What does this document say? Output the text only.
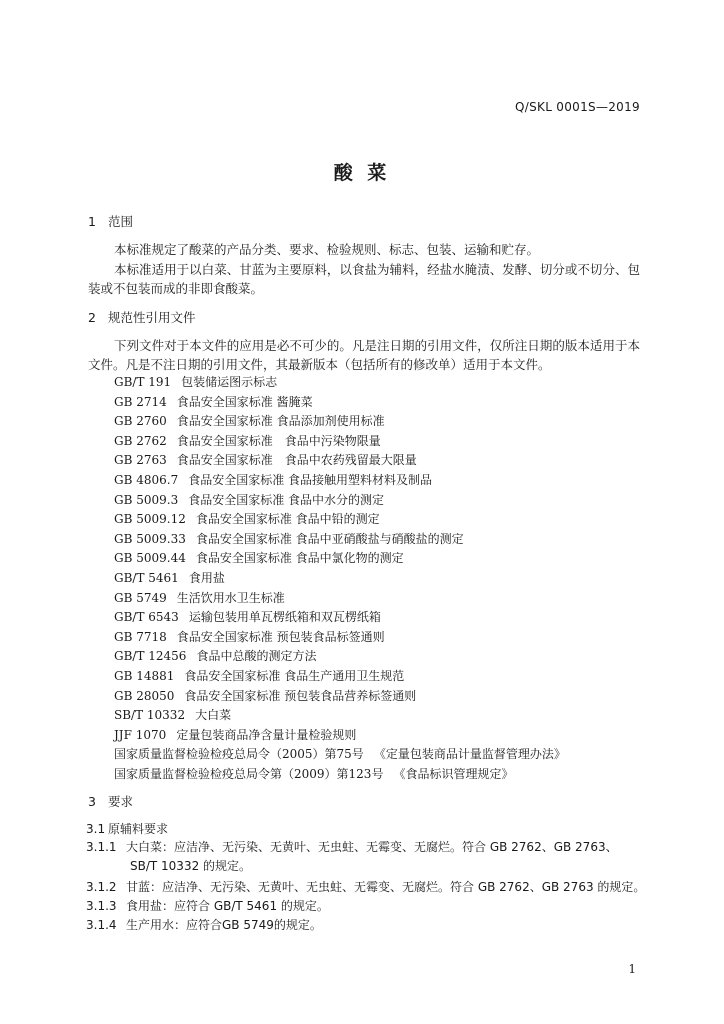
Q/SKL 0001S—2019
酸 菜
1 范围
本标准规定了酸菜的产品分类、要求、检验规则、标志、包装、运输和贮存。
本标准适用于以白菜、甘蓝为主要原料，以食盐为辅料，经盐水腌渍、发酵、切分或不切分、包装或不包装而成的非即食酸菜。
2 规范性引用文件
下列文件对于本文件的应用是必不可少的。凡是注日期的引用文件，仅所注日期的版本适用于本文件。凡是不注日期的引用文件，其最新版本（包括所有的修改单）适用于本文件。
GB/T 191 包装储运图示标志
GB 2714 食品安全国家标准 酱腌菜
GB 2760 食品安全国家标准 食品添加剂使用标准
GB 2762 食品安全国家标准　食品中污染物限量
GB 2763 食品安全国家标准　食品中农药残留最大限量
GB 4806.7 食品安全国家标准 食品接触用塑料材料及制品
GB 5009.3 食品安全国家标准 食品中水分的测定
GB 5009.12 食品安全国家标准 食品中铅的测定
GB 5009.33 食品安全国家标准 食品中亚硝酸盐与硝酸盐的测定
GB 5009.44 食品安全国家标准 食品中氯化物的测定
GB/T 5461 食用盐
GB 5749 生活饮用水卫生标准
GB/T 6543 运输包装用单瓦楞纸箱和双瓦楞纸箱
GB 7718 食品安全国家标准 预包装食品标签通则
GB/T 12456 食品中总酸的测定方法
GB 14881 食品安全国家标准 食品生产通用卫生规范
GB 28050 食品安全国家标准 预包装食品营养标签通则
SB/T 10332 大白菜
JJF 1070 定量包装商品净含量计量检验规则
国家质量监督检验检疫总局令（2005）第75号 《定量包装商品计量监督管理办法》
国家质量监督检验检疫总局令第（2009）第123号 《食品标识管理规定》
3 要求
3.1 原辅料要求
3.1.1 大白菜：应洁净、无污染、无黄叶、无虫蛀、无霉变、无腐烂。符合 GB 2762、GB 2763、
SB/T 10332 的规定。
3.1.2 甘蓝：应洁净、无污染、无黄叶、无虫蛀、无霉变、无腐烂。符合 GB 2762、GB 2763 的规定。
3.1.3 食用盐：应符合 GB/T 5461 的规定。
3.1.4 生产用水：应符合GB 5749的规定。
1
